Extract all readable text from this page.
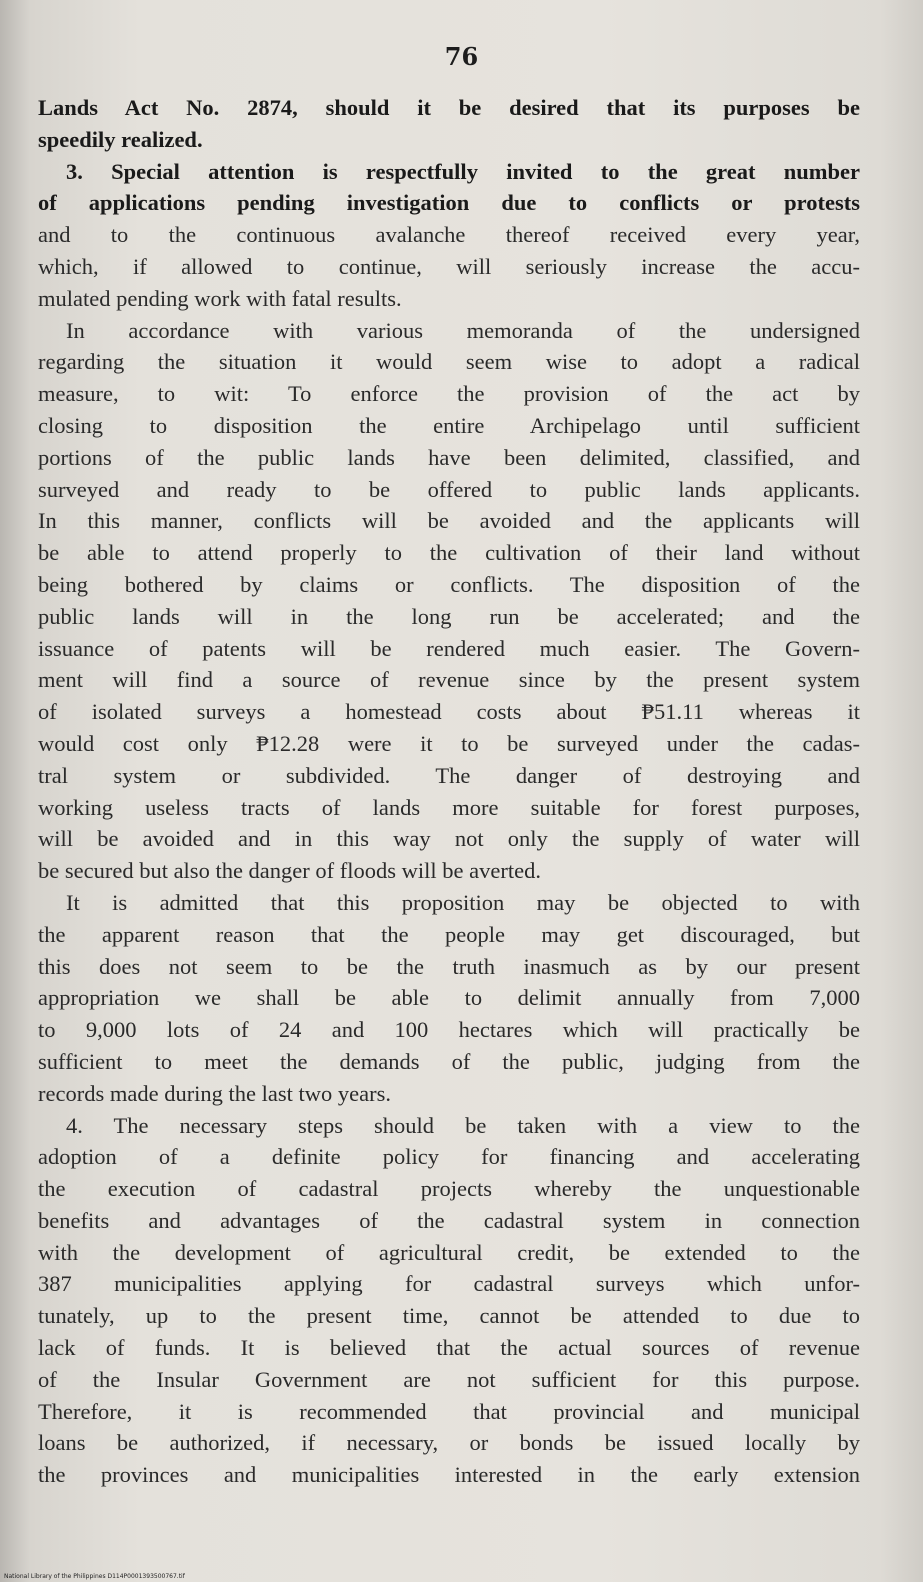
76
Lands Act No. 2874, should it be desired that its purposes be
speedily realized.
3. Special attention is respectfully invited to the great number
of applications pending investigation due to conflicts or protests
and to the continuous avalanche thereof received every year,
which, if allowed to continue, will seriously increase the accu-
mulated pending work with fatal results.
In accordance with various memoranda of the undersigned
regarding the situation it would seem wise to adopt a radical
measure, to wit: To enforce the provision of the act by
closing to disposition the entire Archipelago until sufficient
portions of the public lands have been delimited, classified, and
surveyed and ready to be offered to public lands applicants.
In this manner, conflicts will be avoided and the applicants will
be able to attend properly to the cultivation of their land without
being bothered by claims or conflicts. The disposition of the
public lands will in the long run be accelerated; and the
issuance of patents will be rendered much easier. The Govern-
ment will find a source of revenue since by the present system
of isolated surveys a homestead costs about ₱51.11 whereas it
would cost only ₱12.28 were it to be surveyed under the cadas-
tral system or subdivided. The danger of destroying and
working useless tracts of lands more suitable for forest purposes,
will be avoided and in this way not only the supply of water will
be secured but also the danger of floods will be averted.
It is admitted that this proposition may be objected to with
the apparent reason that the people may get discouraged, but
this does not seem to be the truth inasmuch as by our present
appropriation we shall be able to delimit annually from 7,000
to 9,000 lots of 24 and 100 hectares which will practically be
sufficient to meet the demands of the public, judging from the
records made during the last two years.
4. The necessary steps should be taken with a view to the
adoption of a definite policy for financing and accelerating
the execution of cadastral projects whereby the unquestionable
benefits and advantages of the cadastral system in connection
with the development of agricultural credit, be extended to the
387 municipalities applying for cadastral surveys which unfor-
tunately, up to the present time, cannot be attended to due to
lack of funds. It is believed that the actual sources of revenue
of the Insular Government are not sufficient for this purpose.
Therefore, it is recommended that provincial and municipal
loans be authorized, if necessary, or bonds be issued locally by
the provinces and municipalities interested in the early extension
National Library of the Philippines D114P0001393500767.tif
